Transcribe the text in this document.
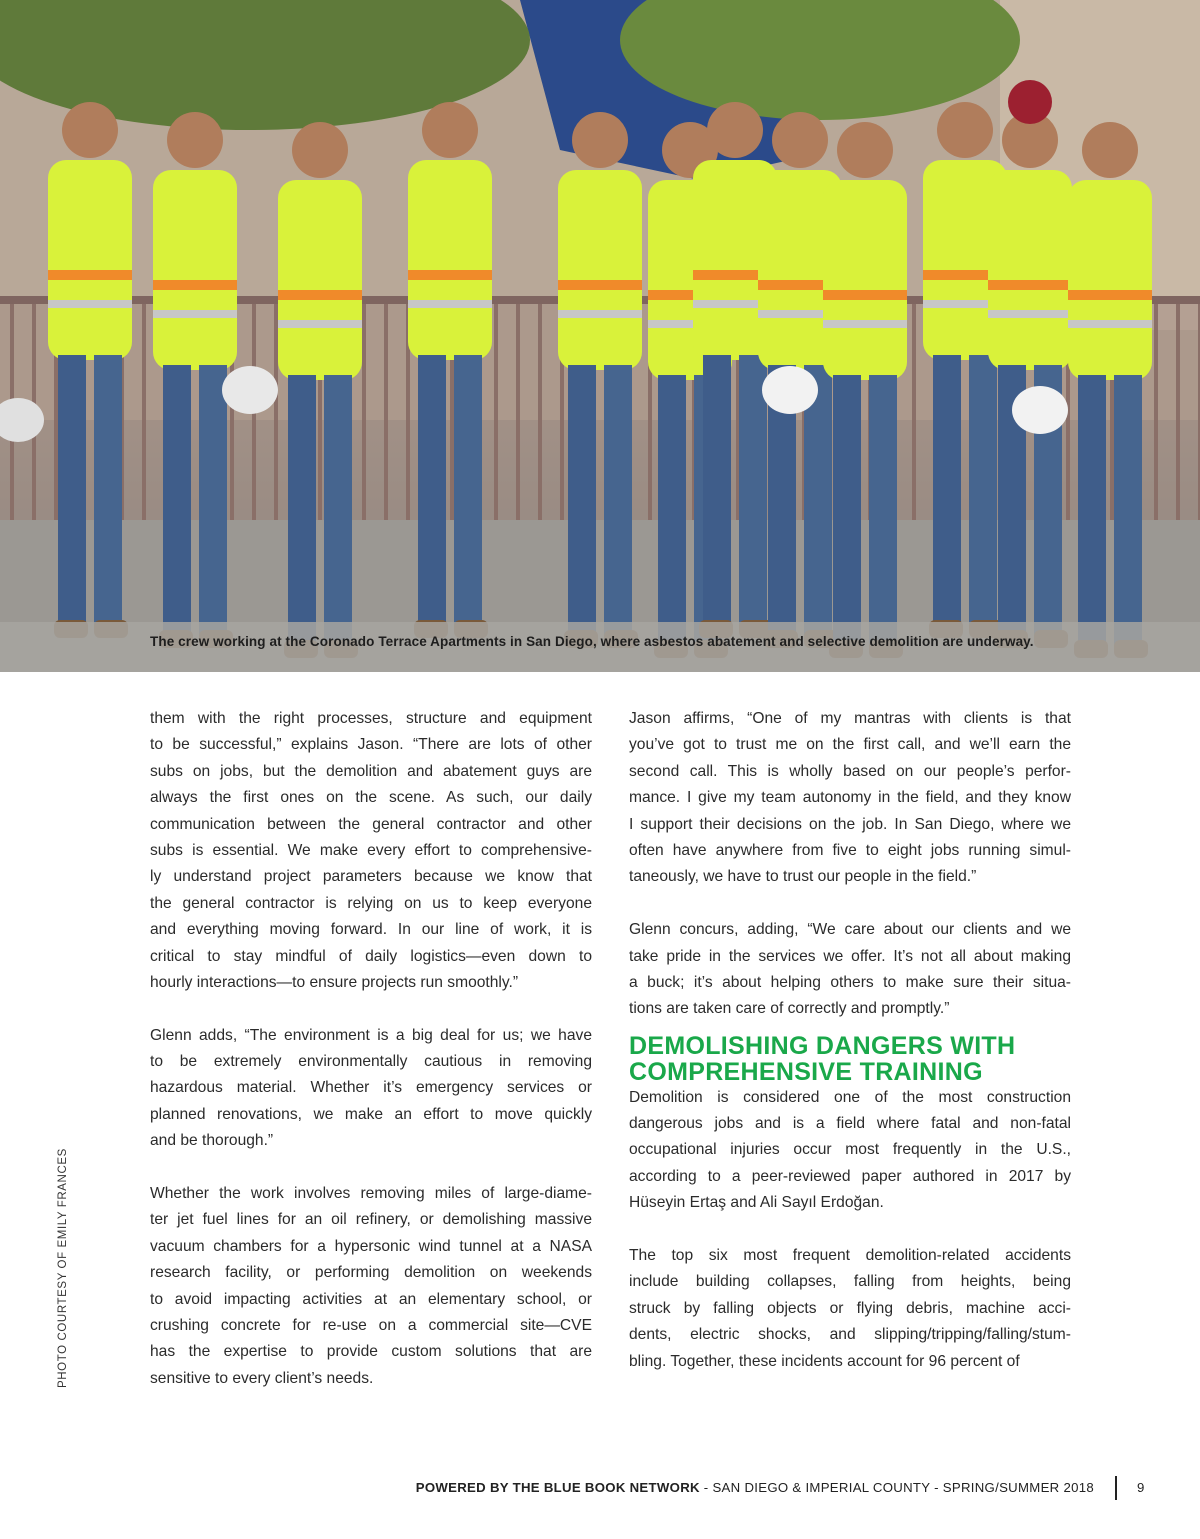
The crew working at the Coronado Terrace Apartments in San Diego, where asbestos abatement and selective demolition are underway.

them with the right processes, structure and equipment
to be successful,” explains Jason. “There are lots of other
subs on jobs, but the demolition and abatement guys are
always the first ones on the scene. As such, our daily
communication between the general contractor and other
subs is essential. We make every effort to comprehensive-
ly understand project parameters because we know that
the general contractor is relying on us to keep everyone
and everything moving forward. In our line of work, it is
critical to stay mindful of daily logistics—even down to
hourly interactions—to ensure projects run smoothly.”

Glenn adds, “The environment is a big deal for us; we have
to be extremely environmentally cautious in removing
hazardous material. Whether it’s emergency services or
planned renovations, we make an effort to move quickly
and be thorough.”

Whether the work involves removing miles of large-diame-
ter jet fuel lines for an oil refinery, or demolishing massive
vacuum chambers for a hypersonic wind tunnel at a NASA
research facility, or performing demolition on weekends
to avoid impacting activities at an elementary school, or
crushing concrete for re-use on a commercial site—CVE
has the expertise to provide custom solutions that are
sensitive to every client’s needs.

Jason affirms, “One of my mantras with clients is that
you’ve got to trust me on the first call, and we’ll earn the
second call. This is wholly based on our people’s perfor-
mance. I give my team autonomy in the field, and they know
I support their decisions on the job. In San Diego, where we
often have anywhere from five to eight jobs running simul-
taneously, we have to trust our people in the field.”

Glenn concurs, adding, “We care about our clients and we
take pride in the services we offer. It’s not all about making
a buck; it’s about helping others to make sure their situa-
tions are taken care of correctly and promptly.”

DEMOLISHING DANGERS WITH
COMPREHENSIVE TRAINING

Demolition is considered one of the most construction
dangerous jobs and is a field where fatal and non-fatal
occupational injuries occur most frequently in the U.S.,
according to a peer-reviewed paper authored in 2017 by
Hüseyin Ertaş and Ali Sayıl Erdoğan.

The top six most frequent demolition-related accidents
include building collapses, falling from heights, being
struck by falling objects or flying debris, machine acci-
dents, electric shocks, and slipping/tripping/falling/stum-
bling. Together, these incidents account for 96 percent of

PHOTO COURTESY OF EMILY FRANCES
POWERED BY THE BLUE BOOK NETWORK - SAN DIEGO & IMPERIAL COUNTY - SPRING/SUMMER 2018	9
